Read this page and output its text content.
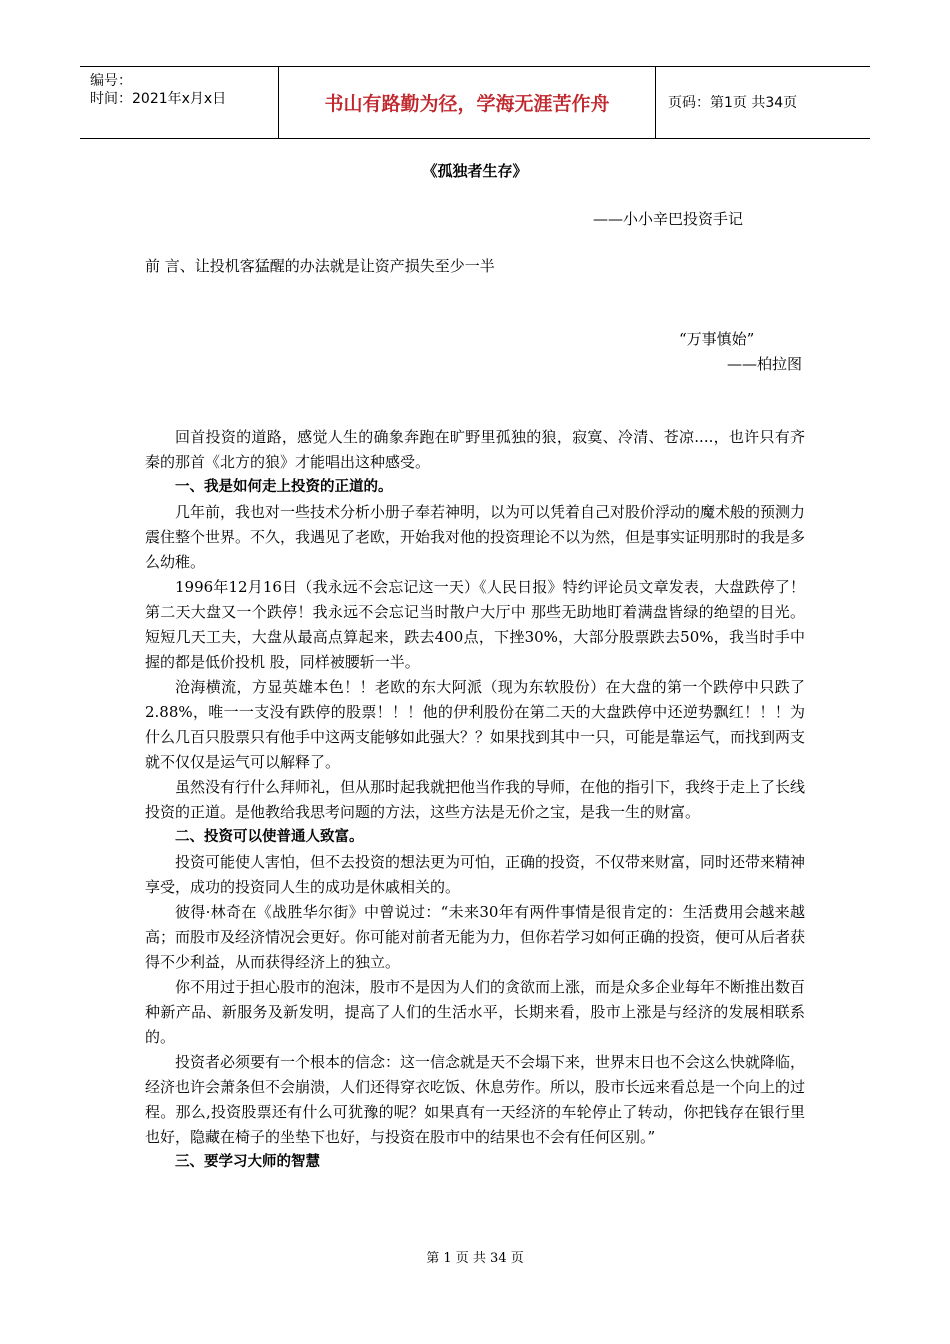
编号：
时间：2021年x月x日	书山有路勤为径，学海无涯苦作舟	页码：第1页 共34页
《孤独者生存》
——小小辛巴投资手记
前 言、让投机客猛醒的办法就是让资产损失至少一半
“万事慎始”
——柏拉图

回首投资的道路，感觉人生的确象奔跑在旷野里孤独的狼，寂寞、冷清、苍凉....，也许只有齐秦的那首《北方的狼》才能唱出这种感受。

一、我是如何走上投资的正道的。

几年前，我也对一些技术分析小册子奉若神明，以为可以凭着自己对股价浮动的魔术般的预测力震住整个世界。不久，我遇见了老欧，开始我对他的投资理论不以为然，但是事实证明那时的我是多么幼稚。

1996年12月16日（我永远不会忘记这一天）《人民日报》特约评论员文章发表，大盘跌停了！第二天大盘又一个跌停！我永远不会忘记当时散户大厅中 那些无助地盯着满盘皆绿的绝望的目光。短短几天工夫，大盘从最高点算起来，跌去400点，下挫30%，大部分股票跌去50%，我当时手中握的都是低价投机 股，同样被腰斩一半。

沧海横流，方显英雄本色！！老欧的东大阿派（现为东软股份）在大盘的第一个跌停中只跌了2.88%，唯一一支没有跌停的股票！！！他的伊利股份在第二天的大盘跌停中还逆势飘红！！！为什么几百只股票只有他手中这两支能够如此强大？？如果找到其中一只，可能是靠运气，而找到两支就不仅仅是运气可以解释了。

虽然没有行什么拜师礼，但从那时起我就把他当作我的导师，在他的指引下，我终于走上了长线投资的正道。是他教给我思考问题的方法，这些方法是无价之宝，是我一生的财富。

二、投资可以使普通人致富。

投资可能使人害怕，但不去投资的想法更为可怕，正确的投资，不仅带来财富，同时还带来精神享受，成功的投资同人生的成功是休戚相关的。

彼得·林奇在《战胜华尔街》中曾说过：“未来30年有两件事情是很肯定的：生活费用会越来越高；而股市及经济情况会更好。你可能对前者无能为力，但你若学习如何正确的投资，便可从后者获得不少利益，从而获得经济上的独立。

你不用过于担心股市的泡沫，股市不是因为人们的贪欲而上涨，而是众多企业每年不断推出数百种新产品、新服务及新发明，提高了人们的生活水平，长期来看，股市上涨是与经济的发展相联系的。

投资者必须要有一个根本的信念：这一信念就是天不会塌下来，世界末日也不会这么快就降临，经济也许会萧条但不会崩溃，人们还得穿衣吃饭、休息劳作。所以，股市长远来看总是一个向上的过程。那么,投资股票还有什么可犹豫的呢？如果真有一天经济的车轮停止了转动，你把钱存在银行里也好，隐藏在椅子的坐垫下也好，与投资在股市中的结果也不会有任何区别。”

三、要学习大师的智慧

第 1 页 共 34 页
